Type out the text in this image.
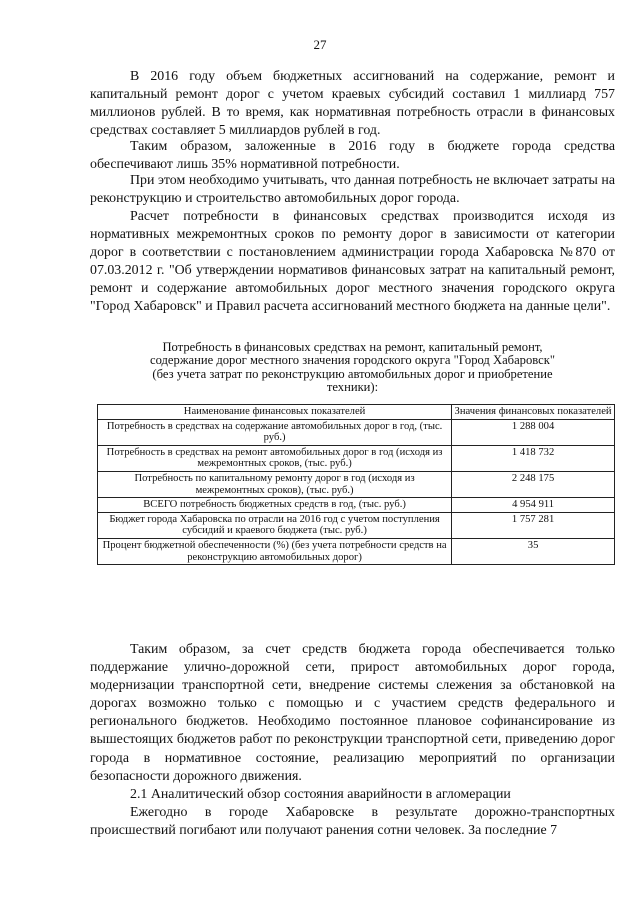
27

В 2016 году объем бюджетных ассигнований на содержание, ремонт и капитальный ремонт дорог с учетом краевых субсидий составил 1 миллиард 757 миллионов рублей. В то время, как нормативная потребность отрасли в финансовых средствах составляет 5 миллиардов рублей в год.

Таким образом, заложенные в 2016 году в бюджете города средства обеспечивают лишь 35% нормативной потребности.

При этом необходимо учитывать, что данная потребность не включает затраты на реконструкцию и строительство автомобильных дорог города.

Расчет потребности в финансовых средствах производится исходя из нормативных межремонтных сроков по ремонту дорог в зависимости от категории дорог в соответствии с постановлением администрации города Хабаровска №870 от 07.03.2012 г. "Об утверждении нормативов финансовых затрат на капитальный ремонт, ремонт и содержание автомобильных дорог местного значения городского округа "Город Хабаровск" и Правил расчета ассигнований местного бюджета на данные цели".

Потребность в финансовых средствах на ремонт, капитальный ремонт,
содержание дорог местного значения городского округа "Город Хабаровск"
(без учета затрат по реконструкцию автомобильных дорог и приобретение
техники):
Наименование финансовых показателей	Значения финансовых показателей
Потребность в средствах на содержание автомобильных дорог в год, (тыс. руб.)	1 288 004
Потребность в средствах на ремонт автомобильных дорог в год (исходя из межремонтных сроков, (тыс. руб.)	1 418 732
Потребность по капитальному ремонту дорог в год (исходя из межремонтных сроков), (тыс. руб.)	2 248 175
ВСЕГО потребность бюджетных средств в год, (тыс. руб.)	4 954 911
Бюджет города Хабаровска по отрасли на 2016 год с учетом поступления субсидий и краевого бюджета (тыс. руб.)	1 757 281
Процент бюджетной обеспеченности (%) (без учета потребности средств на реконструкцию автомобильных дорог)	35

Таким образом, за счет средств бюджета города обеспечивается только поддержание улично-дорожной сети, прирост автомобильных дорог города, модернизации транспортной сети, внедрение системы слежения за обстановкой на дорогах возможно только с помощью и с участием средств федерального и регионального бюджетов. Необходимо постоянное плановое софинансирование из вышестоящих бюджетов работ по реконструкции транспортной сети, приведению дорог города в нормативное состояние, реализацию мероприятий по организации безопасности дорожного движения.

2.1 Аналитический обзор состояния аварийности в агломерации

Ежегодно в городе Хабаровске в результате дорожно-транспортных происшествий погибают или получают ранения сотни человек. За последние 7
